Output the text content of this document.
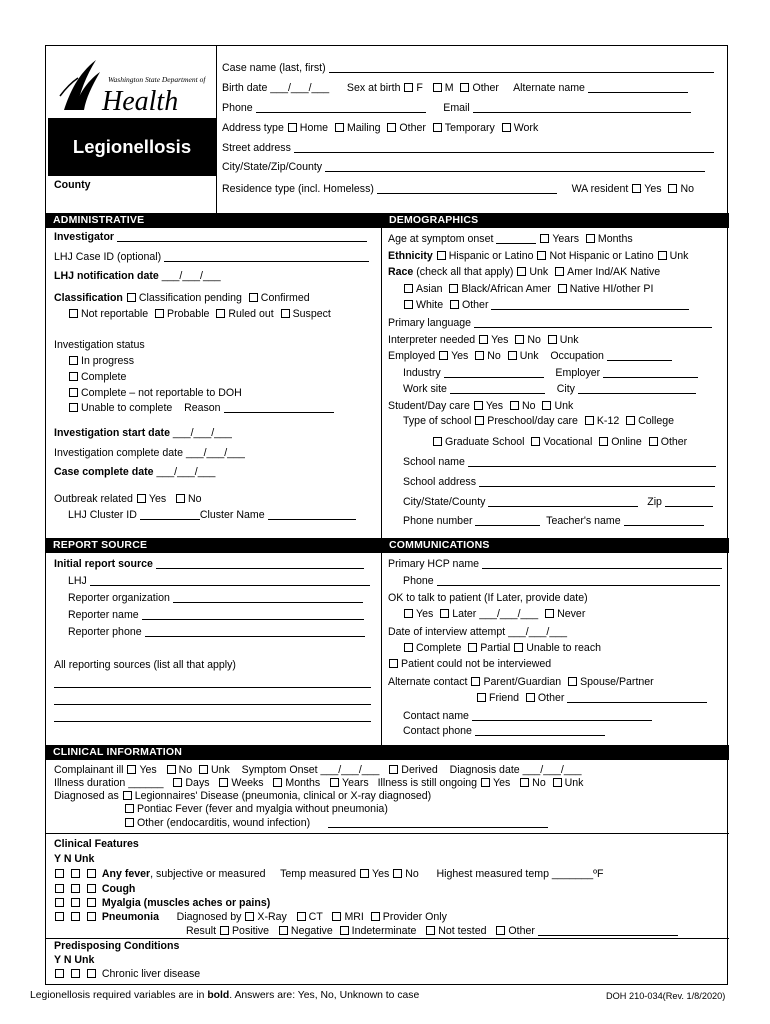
Washington State Department of
Health
Legionellosis
County
Case name (last, first)
Birth date ___/___/___ Sex at birth F M Other Alternate name
Phone	Email
Address type Home Mailing Other Temporary Work
Street address
City/State/Zip/County
Residence type (incl. Homeless)	WA resident Yes No
ADMINISTRATIVE	DEMOGRAPHICS
Investigator
LHJ Case ID (optional)
LHJ notification date ___/___/___
Classification Classification pending Confirmed
Not reportable Probable Ruled out Suspect
Investigation status
In progress
Complete
Complete – not reportable to DOH
Unable to complete Reason
Investigation start date ___/___/___
Investigation complete date ___/___/___
Case complete date ___/___/___
Outbreak related Yes No
LHJ Cluster ID	Cluster Name
Age at symptom onset	Years Months
Ethnicity Hispanic or Latino Not Hispanic or Latino Unk
Race (check all that apply) Unk Amer Ind/AK Native
Asian Black/African Amer Native HI/other PI
White Other
Primary language
Interpreter needed Yes No Unk
Employed Yes No Unk Occupation
Industry	Employer
Work site	City
Student/Day care Yes No Unk
Type of school Preschool/day care K-12 College
Graduate School Vocational Online Other
School name
School address
City/State/County	Zip
Phone number	Teacher's name
REPORT SOURCE	COMMUNICATIONS
Initial report source
LHJ
Reporter organization
Reporter name
Reporter phone
All reporting sources (list all that apply)
Primary HCP name
Phone
OK to talk to patient (If Later, provide date)
Yes Later ___/___/___ Never
Date of interview attempt ___/___/___
Complete Partial Unable to reach
Patient could not be interviewed
Alternate contact Parent/Guardian Spouse/Partner
Friend Other
Contact name
Contact phone
CLINICAL INFORMATION
Complainant ill Yes No Unk Symptom Onset ___/___/___ Derived Diagnosis date ___/___/___
Illness duration ______ Days Weeks Months Years Illness is still ongoing Yes No Unk
Diagnosed as Legionnaires' Disease (pneumonia, clinical or X-ray diagnosed)
Pontiac Fever (fever and myalgia without pneumonia)
Other (endocarditis, wound infection)
Clinical Features
Y N Unk
Any fever, subjective or measured Temp measured Yes No Highest measured temp _______ºF
Cough
Myalgia (muscles aches or pains)
Pneumonia Diagnosed by X-Ray CT MRI Provider Only
Result Positive Negative Indeterminate Not tested Other
Predisposing Conditions
Y N Unk
Chronic liver disease
Legionellosis required variables are in bold. Answers are: Yes, No, Unknown to case	DOH 210-034(Rev. 1/8/2020)
